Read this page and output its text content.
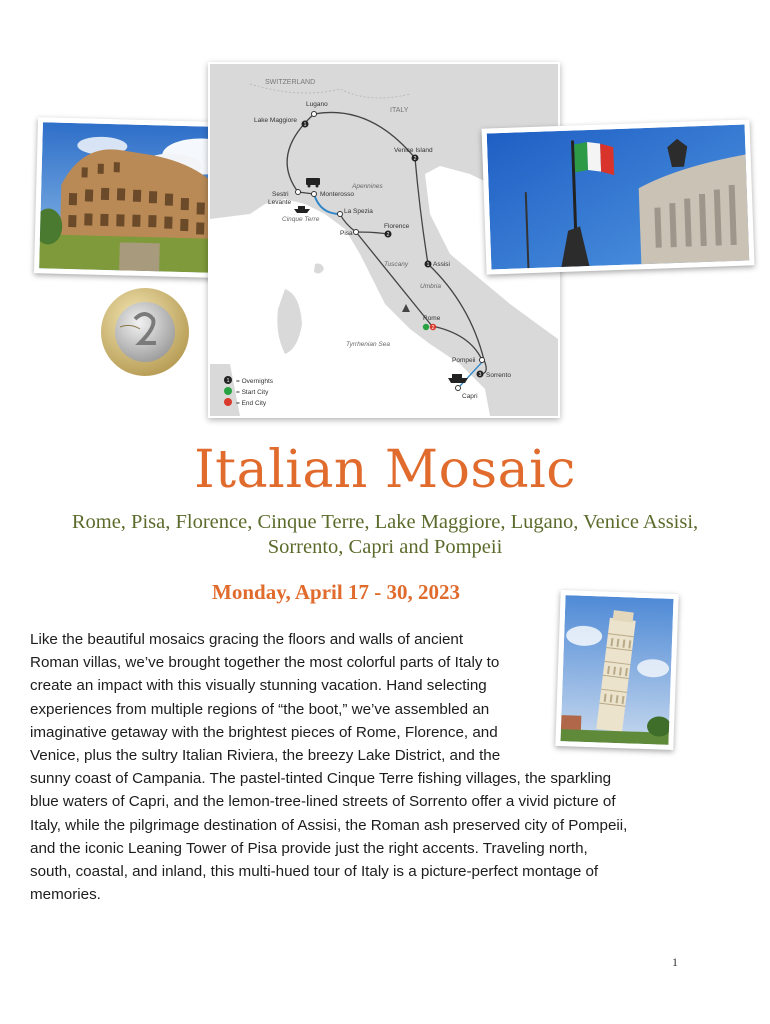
SWITZERLAND
ITALY
Lugano
1
Lake Maggiore
2
Venice Island
Sestri
Levante
Monterosso
Cinque Terre
La Spezia
Pisa	2
Florence
1 Assisi
2
Rome
Pompeii
3 Sorrento
Capri
Apennines
Tuscany
Umbria
Tyrrhenian Sea
1 = Overnights
= Start City
= End City
Italian Mosaic
Rome, Pisa, Florence, Cinque Terre, Lake Maggiore, Lugano, Venice Assisi,
Sorrento, Capri and Pompeii
Monday, April 17 - 30, 2023
Like the beautiful mosaics gracing the floors and walls of ancient
Roman villas, we’ve brought together the most colorful parts of Italy to
create an impact with this visually stunning vacation. Hand selecting
experiences from multiple regions of “the boot,” we’ve assembled an
imaginative getaway with the brightest pieces of Rome, Florence, and
Venice, plus the sultry Italian Riviera, the breezy Lake District, and the
sunny coast of Campania. The pastel-tinted Cinque Terre fishing villages, the sparkling
blue waters of Capri, and the lemon-tree-lined streets of Sorrento offer a vivid picture of
Italy, while the pilgrimage destination of Assisi, the Roman ash preserved city of Pompeii,
and the iconic Leaning Tower of Pisa provide just the right accents. Traveling north,
south, coastal, and inland, this multi-hued tour of Italy is a picture-perfect montage of
memories.
1
